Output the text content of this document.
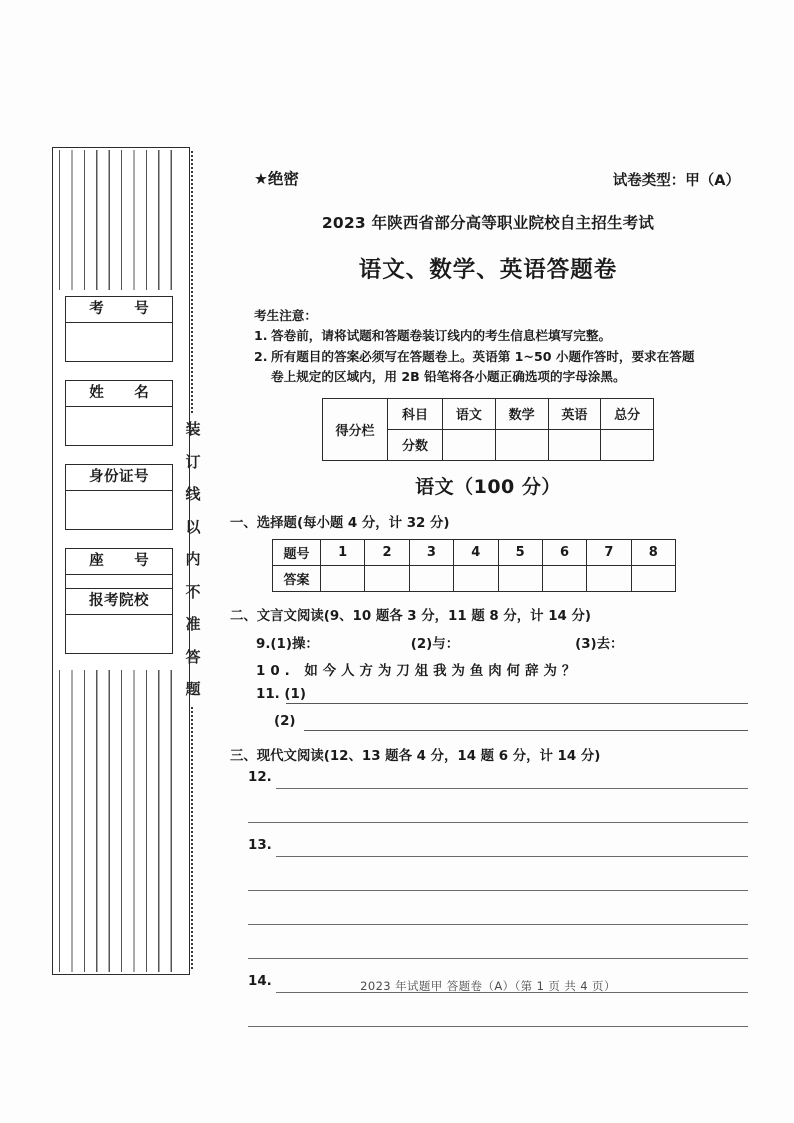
考　号
姓　名
身份证号
座　号
报考院校
装
订
线
以
内
不
准
答
题
★绝密	试卷类型：甲（A）
2023 年陕西省部分高等职业院校自主招生考试
语文、数学、英语答题卷
考生注意：
1. 答卷前，请将试题和答题卷装订线内的考生信息栏填写完整。
2. 所有题目的答案必须写在答题卷上。英语第 1~50 小题作答时，要求在答题
卷上规定的区域内，用 2B 铅笔将各小题正确选项的字母涂黑。
得分栏	科目	语文	数学	英语	总分
	分数				
语文（100 分）
一、选择题(每小题 4 分，计 32 分)
题号	1	2	3	4	5	6	7	8
答案								
二、文言文阅读(9、10 题各 3 分，11 题 8 分，计 14 分)
9.(1)操：	(2)与：	(3)去：
10. 如今人方为刀俎我为鱼肉何辞为？
11. (1)
(2)
三、现代文阅读(12、13 题各 4 分，14 题 6 分，计 14 分)
12.
13.
14.	2023 年试题甲 答题卷（A）（第 1 页 共 4 页）
